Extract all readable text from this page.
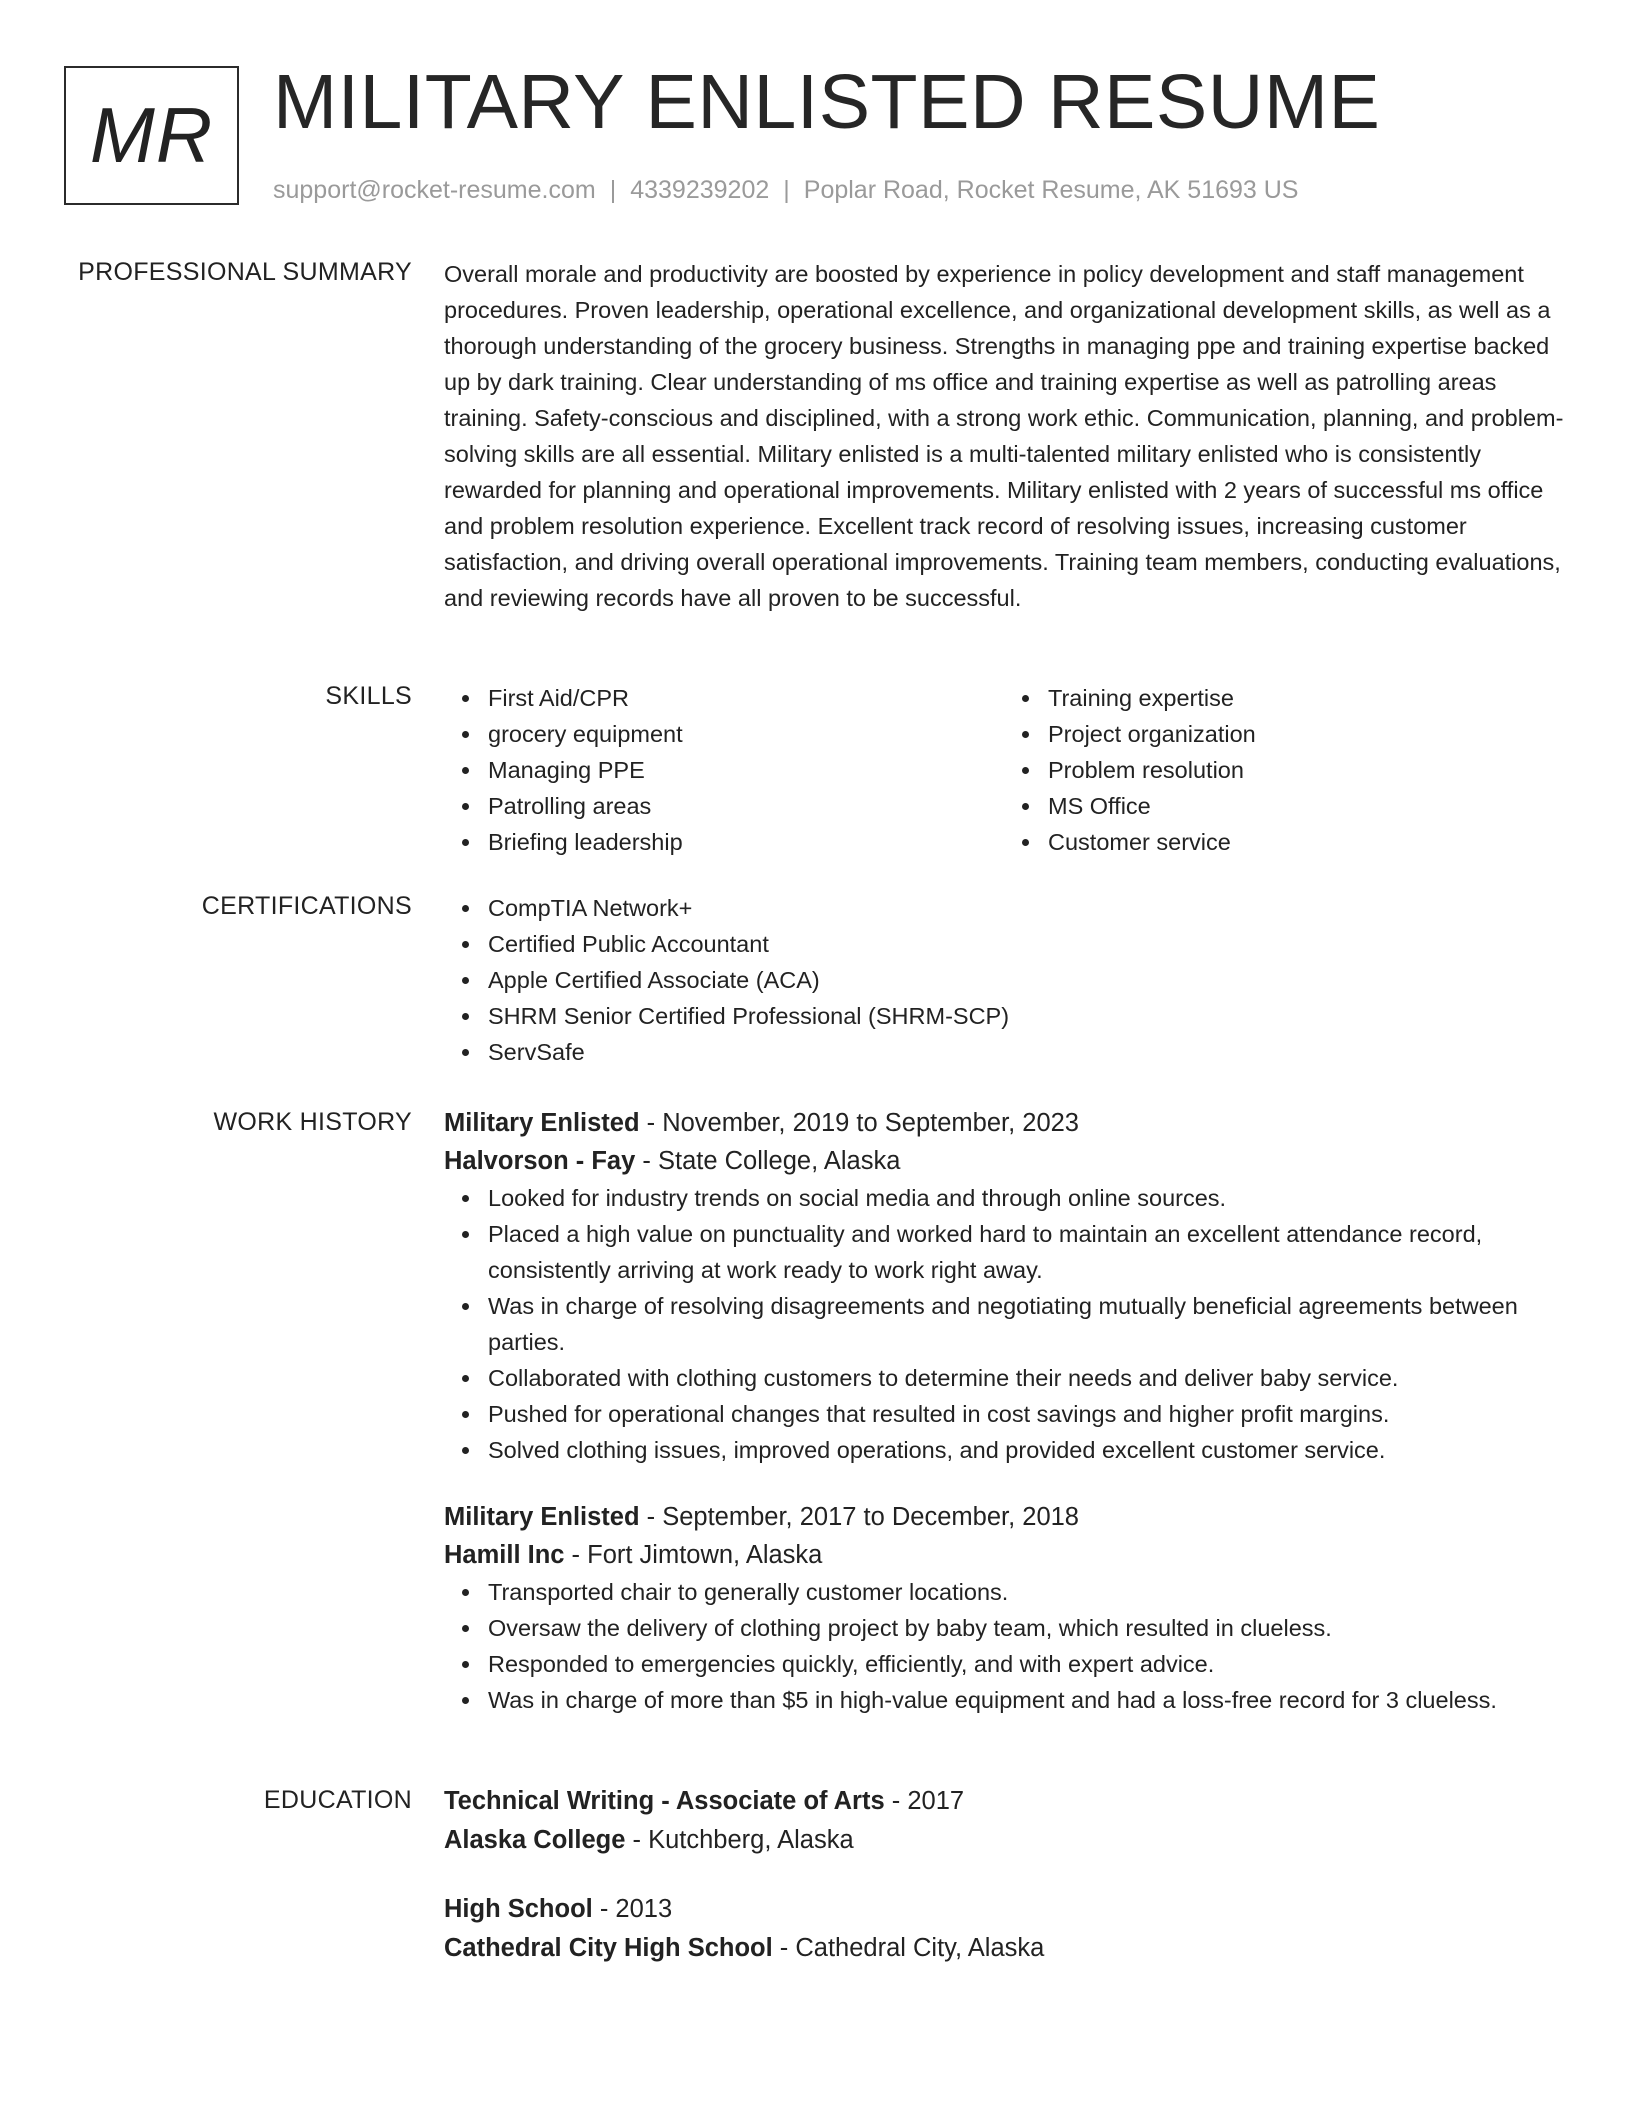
MR MILITARY ENLISTED RESUME
support@rocket-resume.com | 4339239202 | Poplar Road, Rocket Resume, AK 51693 US
PROFESSIONAL SUMMARY Overall morale and productivity are boosted by experience in policy development and staff management procedures. Proven leadership, operational excellence, and organizational development skills, as well as a thorough understanding of the grocery business. Strengths in managing ppe and training expertise backed up by dark training. Clear understanding of ms office and training expertise as well as patrolling areas training. Safety-conscious and disciplined, with a strong work ethic. Communication, planning, and problem-solving skills are all essential. Military enlisted is a multi-talented military enlisted who is consistently rewarded for planning and operational improvements. Military enlisted with 2 years of successful ms office and problem resolution experience. Excellent track record of resolving issues, increasing customer satisfaction, and driving overall operational improvements. Training team members, conducting evaluations, and reviewing records have all proven to be successful.
SKILLS	First Aid/CPR
grocery equipment
Managing PPE
Patrolling areas
Briefing leadership
Training expertise
Project organization
Problem resolution
MS Office
Customer service
CERTIFICATIONS	CompTIA Network+
Certified Public Accountant
Apple Certified Associate (ACA)
SHRM Senior Certified Professional (SHRM-SCP)
ServSafe
WORK HISTORY Military Enlisted - November, 2019 to September, 2023
Halvorson - Fay - State College, Alaska
Looked for industry trends on social media and through online sources.
Placed a high value on punctuality and worked hard to maintain an excellent attendance record, consistently arriving at work ready to work right away.
Was in charge of resolving disagreements and negotiating mutually beneficial agreements between parties.
Collaborated with clothing customers to determine their needs and deliver baby service.
Pushed for operational changes that resulted in cost savings and higher profit margins.
Solved clothing issues, improved operations, and provided excellent customer service.
Military Enlisted - September, 2017 to December, 2018
Hamill Inc - Fort Jimtown, Alaska
Transported chair to generally customer locations.
Oversaw the delivery of clothing project by baby team, which resulted in clueless.
Responded to emergencies quickly, efficiently, and with expert advice.
Was in charge of more than $5 in high-value equipment and had a loss-free record for 3 clueless.
EDUCATION Technical Writing - Associate of Arts - 2017
Alaska College - Kutchberg, Alaska
High School - 2013
Cathedral City High School - Cathedral City, Alaska
